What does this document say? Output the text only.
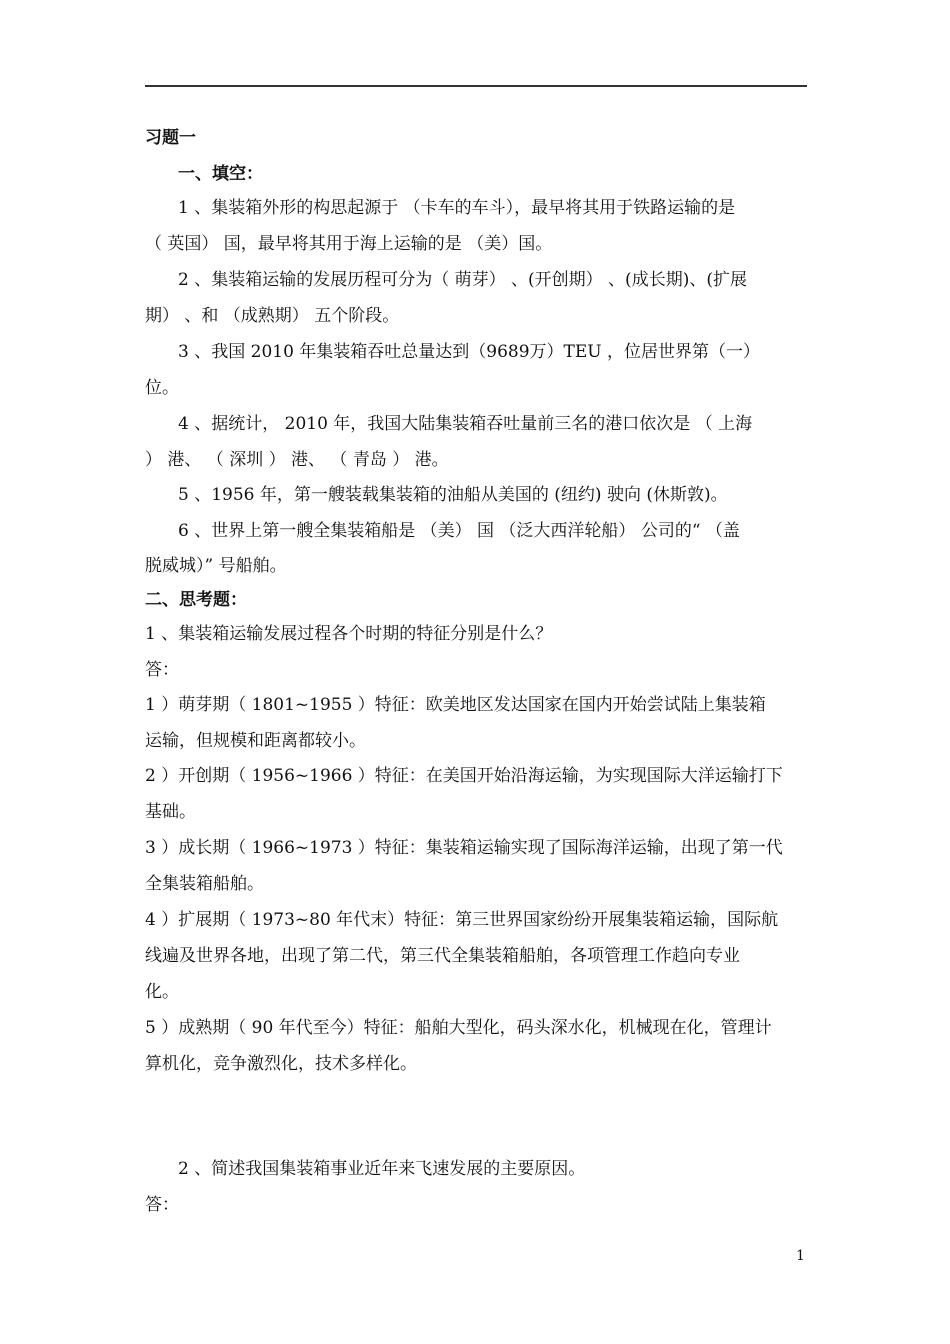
习题一
一、填空：
1 、集装箱外形的构思起源于 （卡车的车斗），最早将其用于铁路运输的是
（ 英国） 国，最早将其用于海上运输的是 （美）国。
2 、集装箱运输的发展历程可分为（ 萌芽） 、(开创期） 、(成长期)、(扩展
期） 、和 （成熟期） 五个阶段。
3 、我国 2010 年集装箱吞吐总量达到（9689万）TEU ，位居世界第（一）
位。
4 、据统计， 2010 年，我国大陆集装箱吞吐量前三名的港口依次是 （ 上海
） 港、 （ 深圳 ） 港、 （ 青岛 ） 港。
5 、1956 年，第一艘装载集装箱的油船从美国的 (纽约) 驶向 (休斯敦)。
6 、世界上第一艘全集装箱船是 （美） 国 （泛大西洋轮船） 公司的“ （盖
脱威城）” 号船舶。
二、思考题：
1 、集装箱运输发展过程各个时期的特征分别是什么？
答：
1 ）萌芽期（ 1801~1955 ）特征：欧美地区发达国家在国内开始尝试陆上集装箱
运输，但规模和距离都较小。
2 ）开创期（ 1956~1966 ）特征：在美国开始沿海运输，为实现国际大洋运输打下
基础。
3 ）成长期（ 1966~1973 ）特征：集装箱运输实现了国际海洋运输，出现了第一代
全集装箱船舶。
4 ）扩展期（ 1973~80 年代末）特征：第三世界国家纷纷开展集装箱运输，国际航
线遍及世界各地，出现了第二代，第三代全集装箱船舶，各项管理工作趋向专业
化。
5 ）成熟期（ 90 年代至今）特征：船舶大型化，码头深水化，机械现在化，管理计
算机化，竞争激烈化，技术多样化。
2 、简述我国集装箱事业近年来飞速发展的主要原因。
答：
1
